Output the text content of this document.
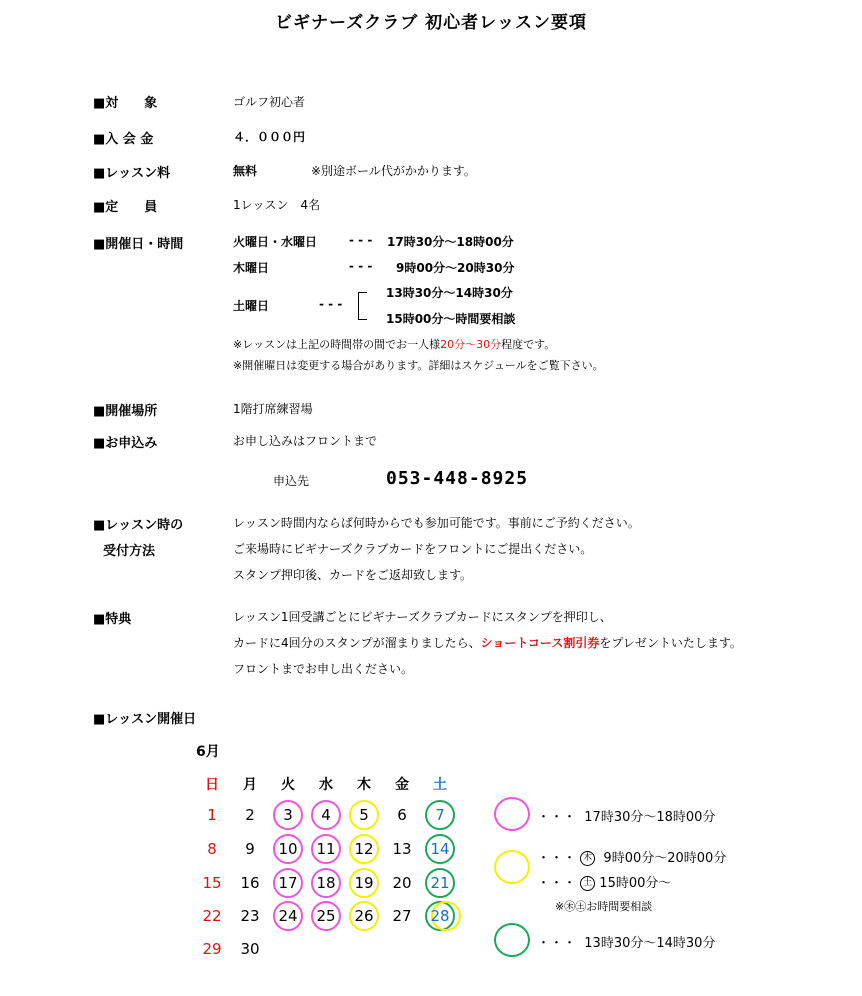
ビギナーズクラブ 初心者レッスン要項
■対　　象	ゴルフ初心者
■入 会 金	４．０００円
■レッスン料	無料	※別途ボール代がかかります。
■定　　員	1レッスン　4名
■開催日・時間	火曜日・水曜日	- - - 17時30分～18時00分
木曜日	- - - 9時00分～20時30分
土曜日	- - -
13時30分～14時30分
15時00分～時間要相談
※レッスンは上記の時間帯の間でお一人様20分～30分程度です。
※開催曜日は変更する場合があります。詳細はスケジュールをご覧下さい。
■開催場所	1階打席練習場
■お申込み	お申し込みはフロントまで
申込先	053-448-8925
■レッスン時の
受付方法
レッスン時間内ならば何時からでも参加可能です。事前にご予約ください。
ご来場時にビギナーズクラブカードをフロントにご提出ください。
スタンプ押印後、カードをご返却致します。
■特典	レッスン1回受講ごとにビギナーズクラブカードにスタンプを押印し、
カードに4回分のスタンプが溜まりましたら、ショートコース割引券をプレゼントいたします。
フロントまでお申し出ください。
■レッスン開催日
6月
日	月	火	水	木	金	土
1	2	3	4	5	6	7
8	9	10	11	12	13	14
15	16	17	18	19	20	21
22	23	24	25	26	27	28
29	30
・・・ 17時30分～18時00分
・・・ 木 9時00分～20時00分
・・・ 土 15時00分～
※㊍㊏お時間要相談
・・・ 13時30分～14時30分
